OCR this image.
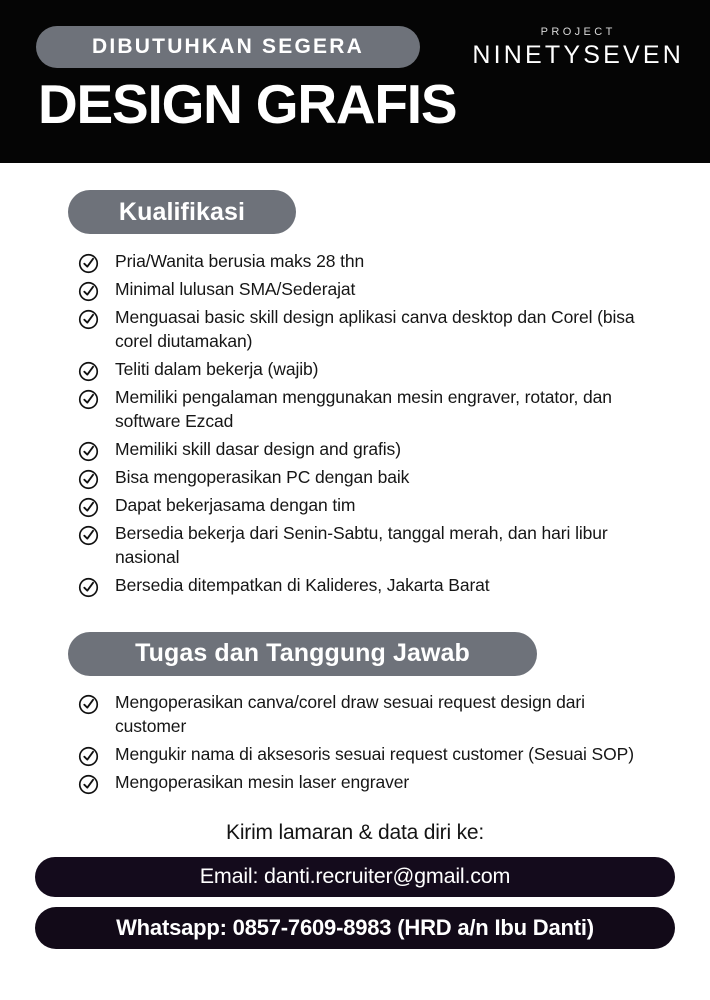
DIBUTUHKAN SEGERA
PROJECT
NINETYSEVEN
DESIGN GRAFIS
Kualifikasi
Pria/Wanita berusia maks 28 thn
Minimal lulusan SMA/Sederajat
Menguasai basic skill design aplikasi canva desktop dan Corel (bisa corel diutamakan)
Teliti dalam bekerja (wajib)
Memiliki pengalaman menggunakan mesin engraver, rotator, dan software Ezcad
Memiliki skill dasar design and grafis)
Bisa mengoperasikan PC dengan baik
Dapat bekerjasama dengan tim
Bersedia bekerja dari Senin-Sabtu, tanggal merah, dan hari libur nasional
Bersedia ditempatkan di Kalideres, Jakarta Barat
Tugas dan Tanggung Jawab
Mengoperasikan canva/corel draw sesuai request design dari customer
Mengukir nama di aksesoris sesuai request customer (Sesuai SOP)
Mengoperasikan mesin laser engraver
Kirim lamaran & data diri ke:
Email: danti.recruiter@gmail.com
Whatsapp: 0857-7609-8983 (HRD a/n Ibu Danti)
